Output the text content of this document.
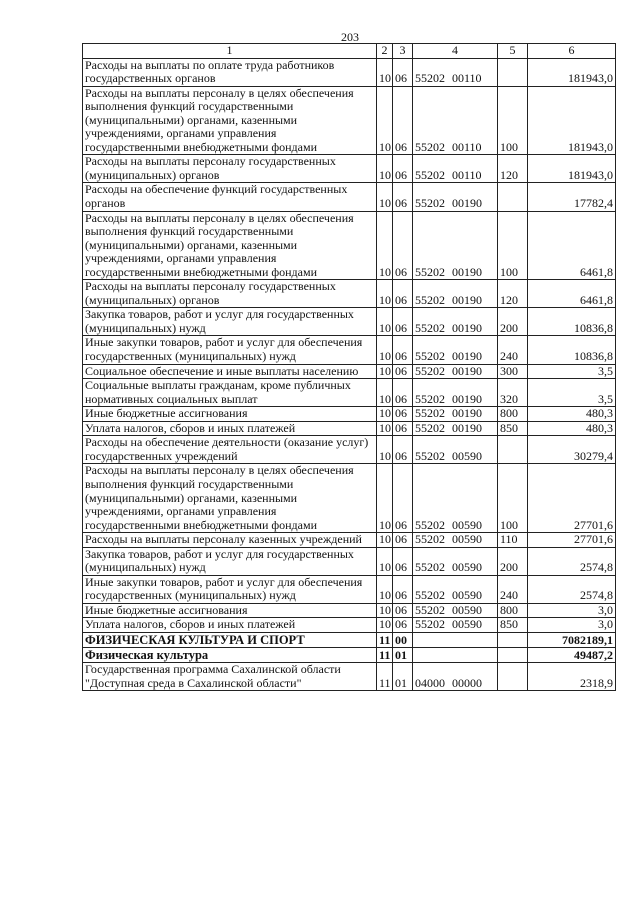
203
1	2	3	4	5	6
Расходы на выплаты по оплате труда работников государственных органов	10	06	55202 00110		181943,0
Расходы на выплаты персоналу в целях обеспечения выполнения функций государственными (муниципальными) органами, казенными учреждениями, органами управления государственными внебюджетными фондами	10	06	55202 00110	100	181943,0
Расходы на выплаты персоналу государственных (муниципальных) органов	10	06	55202 00110	120	181943,0
Расходы на обеспечение функций государственных органов	10	06	55202 00190		17782,4
Расходы на выплаты персоналу в целях обеспечения выполнения функций государственными (муниципальными) органами, казенными учреждениями, органами управления государственными внебюджетными фондами	10	06	55202 00190	100	6461,8
Расходы на выплаты персоналу государственных (муниципальных) органов	10	06	55202 00190	120	6461,8
Закупка товаров, работ и услуг для государственных (муниципальных) нужд	10	06	55202 00190	200	10836,8
Иные закупки товаров, работ и услуг для обеспечения государственных (муниципальных) нужд	10	06	55202 00190	240	10836,8
Социальное обеспечение и иные выплаты населению	10	06	55202 00190	300	3,5
Социальные выплаты гражданам, кроме публичных нормативных социальных выплат	10	06	55202 00190	320	3,5
Иные бюджетные ассигнования	10	06	55202 00190	800	480,3
Уплата налогов, сборов и иных платежей	10	06	55202 00190	850	480,3
Расходы на обеспечение деятельности (оказание услуг) государственных учреждений	10	06	55202 00590		30279,4
Расходы на выплаты персоналу в целях обеспечения выполнения функций государственными (муниципальными) органами, казенными учреждениями, органами управления государственными внебюджетными фондами	10	06	55202 00590	100	27701,6
Расходы на выплаты персоналу казенных учреждений	10	06	55202 00590	110	27701,6
Закупка товаров, работ и услуг для государственных (муниципальных) нужд	10	06	55202 00590	200	2574,8
Иные закупки товаров, работ и услуг для обеспечения государственных (муниципальных) нужд	10	06	55202 00590	240	2574,8
Иные бюджетные ассигнования	10	06	55202 00590	800	3,0
Уплата налогов, сборов и иных платежей	10	06	55202 00590	850	3,0
ФИЗИЧЕСКАЯ КУЛЬТУРА И СПОРТ	11	00			7082189,1
Физическая культура	11	01			49487,2
Государственная программа Сахалинской области "Доступная среда в Сахалинской области"	11	01	04000 00000		2318,9
